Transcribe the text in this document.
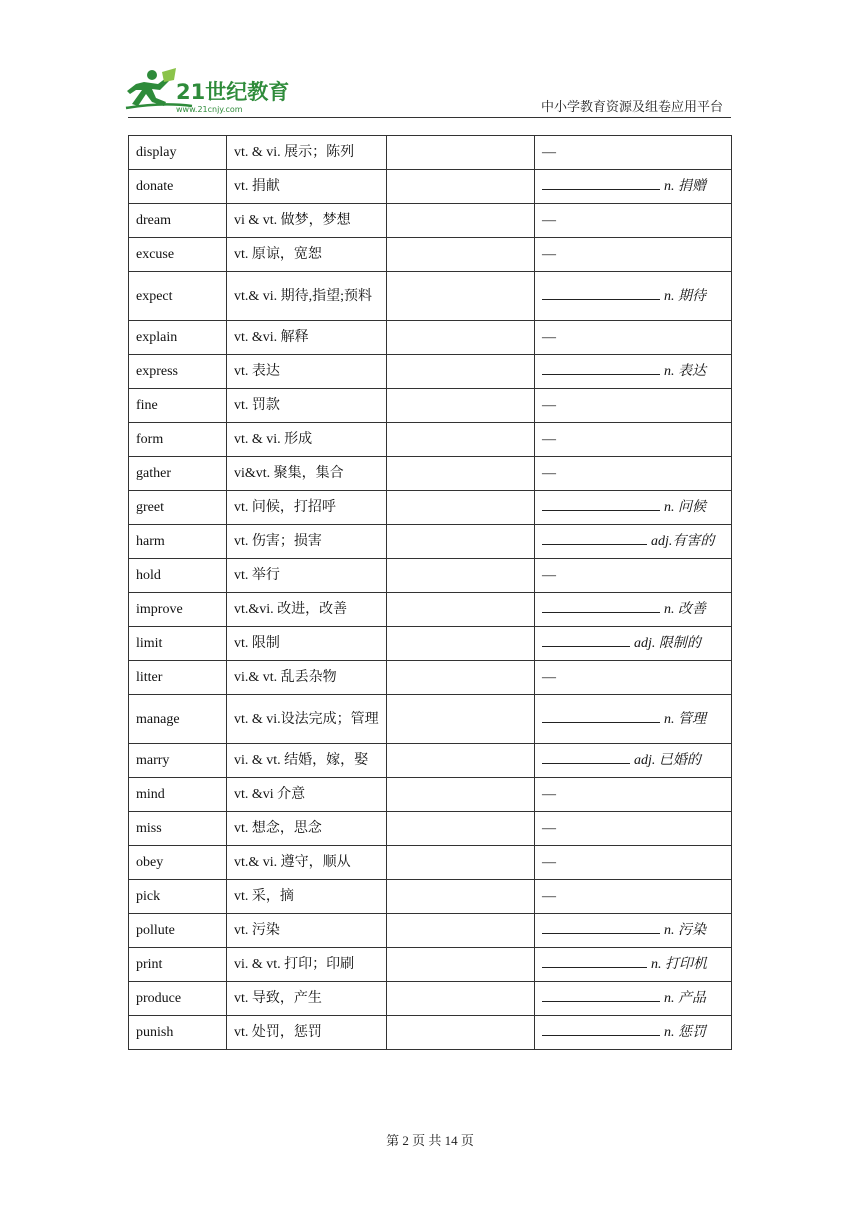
21世纪教育
www.21cnjy.com	中小学教育资源及组卷应用平台
display	vt. & vi. 展示；陈列		—
donate	vt. 捐献		n. 捐赠
dream	vi & vt. 做梦，梦想		—
excuse	vt. 原谅，宽恕		—
expect	vt.& vi. 期待,指望;预料		n. 期待
explain	vt. &vi. 解释		—
express	vt. 表达		n. 表达
fine	vt. 罚款		—
form	vt. & vi. 形成		—
gather	vi&vt. 聚集，集合		—
greet	vt. 问候，打招呼		n. 问候
harm	vt. 伤害；损害		adj.有害的
hold	vt. 举行		—
improve	vt.&vi. 改进，改善		n. 改善
limit	vt. 限制		adj. 限制的
litter	vi.& vt. 乱丢杂物		—
manage	vt. & vi.设法完成；管理		n. 管理
marry	vi. & vt. 结婚，嫁，娶		adj. 已婚的
mind	vt. &vi 介意		—
miss	vt. 想念，思念		—
obey	vt.& vi. 遵守，顺从		—
pick	vt. 采，摘		—
pollute	vt. 污染		n. 污染
print	vi. & vt. 打印；印刷		n. 打印机
produce	vt. 导致，产生		n. 产品
punish	vt. 处罚，惩罚		n. 惩罚
第 2 页 共 14 页
